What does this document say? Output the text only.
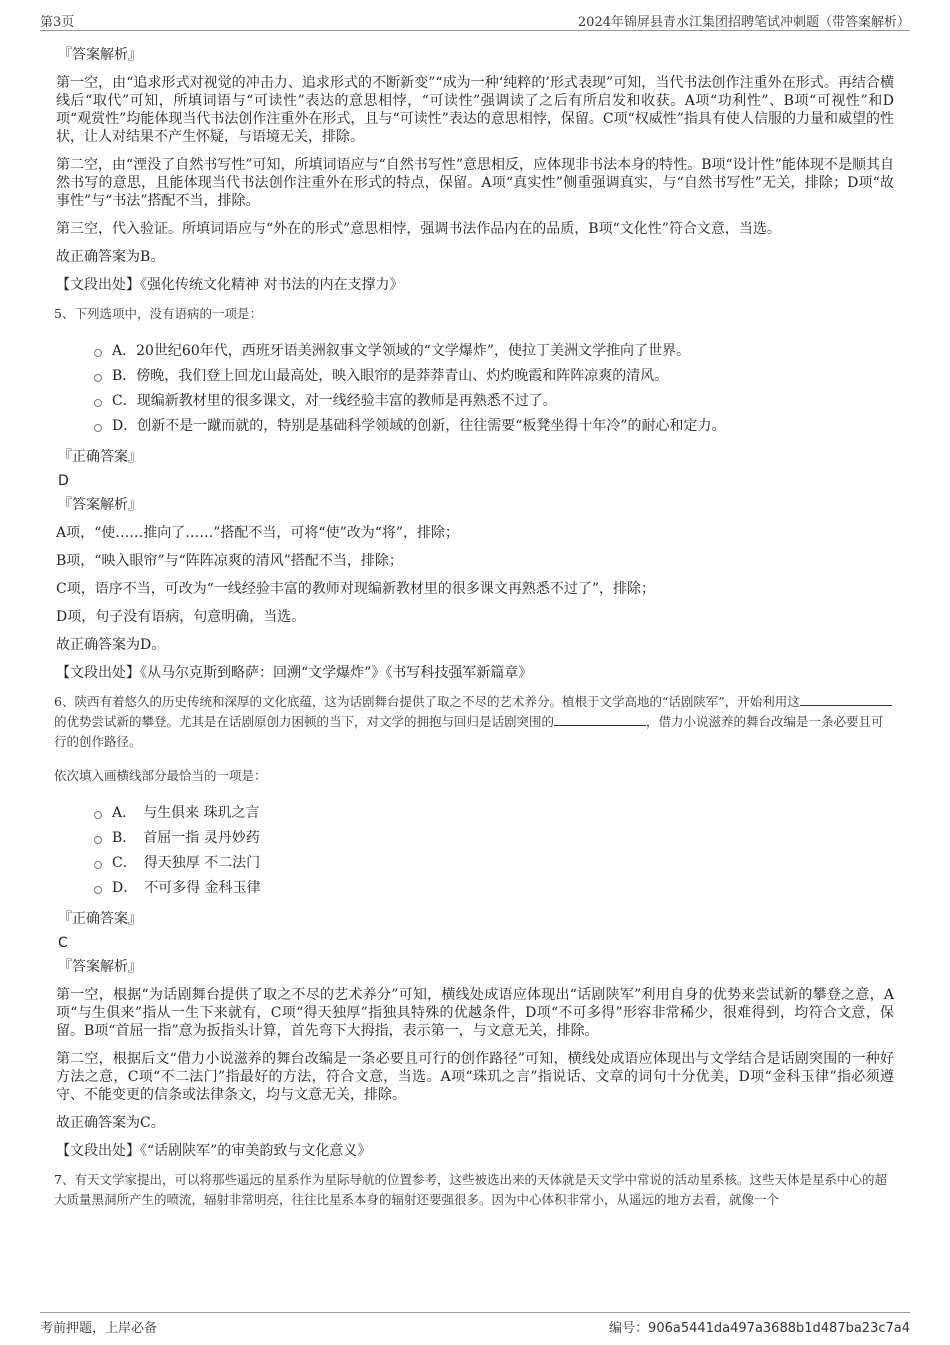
第3页	2024年锦屏县青水江集团招聘笔试冲刺题（带答案解析）
『答案解析』
第一空，由“追求形式对视觉的冲击力、追求形式的不断新变”“成为一种‘纯粹的’形式表现”可知，当代书法创作注重外在形式。再结合横线后“取代”可知，所填词语与“可读性”表达的意思相悖，“可读性”强调读了之后有所启发和收获。A项“功利性”、B项“可视性”和D项“观赏性”均能体现当代书法创作注重外在形式，且与“可读性”表达的意思相悖，保留。C项“权威性”指具有使人信服的力量和威望的性状，让人对结果不产生怀疑，与语境无关，排除。
第二空，由“湮没了自然书写性”可知，所填词语应与“自然书写性”意思相反，应体现非书法本身的特性。B项“设计性”能体现不是顺其自然书写的意思，且能体现当代书法创作注重外在形式的特点，保留。A项“真实性”侧重强调真实，与“自然书写性”无关，排除；D项“故事性”与“书法”搭配不当，排除。
第三空，代入验证。所填词语应与“外在的形式”意思相悖，强调书法作品内在的品质，B项“文化性”符合文意，当选。
故正确答案为B。
【文段出处】《强化传统文化精神 对书法的内在支撑力》
5、下列选项中，没有语病的一项是：
A．20世纪60年代，西班牙语美洲叙事文学领域的“文学爆炸”，使拉丁美洲文学推向了世界。
B．傍晚，我们登上回龙山最高处，映入眼帘的是莽莽青山、灼灼晚霞和阵阵凉爽的清风。
C．现编新教材里的很多课文，对一线经验丰富的教师是再熟悉不过了。
D．创新不是一蹴而就的，特别是基础科学领域的创新，往往需要“板凳坐得十年冷”的耐心和定力。
『正确答案』
D
『答案解析』
A项，“使……推向了……”搭配不当，可将“使”改为“将”，排除；
B项，“映入眼帘”与“阵阵凉爽的清风”搭配不当，排除；
C项，语序不当，可改为“一线经验丰富的教师对现编新教材里的很多课文再熟悉不过了”，排除；
D项，句子没有语病，句意明确，当选。
故正确答案为D。
【文段出处】《从马尔克斯到略萨：回溯“文学爆炸”》《书写科技强军新篇章》
6、陕西有着悠久的历史传统和深厚的文化底蕴，这为话剧舞台提供了取之不尽的艺术养分。植根于文学高地的“话剧陕军”，开始利用这的优势尝试新的攀登。尤其是在话剧原创力困顿的当下，对文学的拥抱与回归是话剧突围的	，借力小说滋养的舞台改编是一条必要且可行的创作路径。
依次填入画横线部分最恰当的一项是：
A．　与生俱来 珠玑之言
B．　首屈一指 灵丹妙药
C．　得天独厚 不二法门
D．　不可多得 金科玉律
『正确答案』
C
『答案解析』
第一空，根据“为话剧舞台提供了取之不尽的艺术养分”可知，横线处成语应体现出“话剧陕军”利用自身的优势来尝试新的攀登之意，A项“与生俱来”指从一生下来就有，C项“得天独厚”指独具特殊的优越条件，D项“不可多得”形容非常稀少，很难得到，均符合文意，保留。B项“首屈一指”意为扳指头计算，首先弯下大拇指，表示第一，与文意无关，排除。
第二空，根据后文“借力小说滋养的舞台改编是一条必要且可行的创作路径”可知，横线处成语应体现出与文学结合是话剧突围的一种好方法之意，C项“不二法门”指最好的方法，符合文意，当选。A项“珠玑之言”指说话、文章的词句十分优美，D项“金科玉律”指必须遵守、不能变更的信条或法律条文，均与文意无关，排除。
故正确答案为C。
【文段出处】《“话剧陕军”的审美韵致与文化意义》
7、有天文学家提出，可以将那些遥远的星系作为星际导航的位置参考，这些被选出来的天体就是天文学中常说的活动星系核。这些天体是星系中心的超大质量黑洞所产生的喷流，辐射非常明亮，往往比星系本身的辐射还要强很多。因为中心体积非常小，从遥远的地方去看，就像一个
考前押题，上岸必备	编号：906a5441da497a3688b1d487ba23c7a4
